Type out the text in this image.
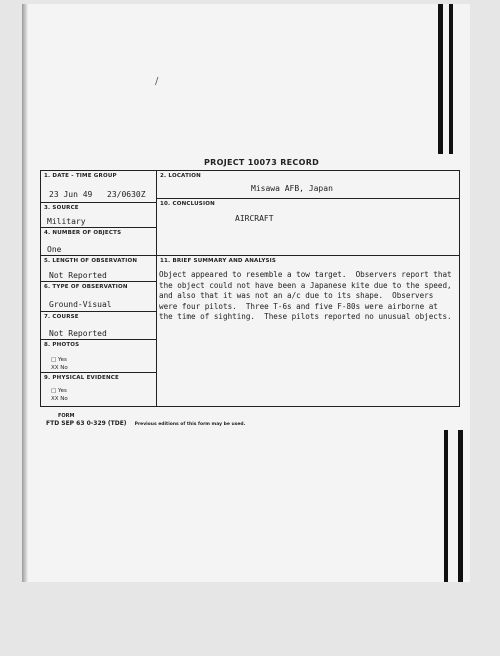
/
PROJECT 10073 RECORD
1. DATE - TIME GROUP
23 Jun 49 23/0630Z
3. SOURCE
Military
4. NUMBER OF OBJECTS
One
5. LENGTH OF OBSERVATION
Not Reported
6. TYPE OF OBSERVATION
Ground-Visual
7. COURSE
Not Reported
8. PHOTOS
□ Yes
XX No
9. PHYSICAL EVIDENCE
□ Yes
XX No
2. LOCATION
Misawa AFB, Japan
10. CONCLUSION
AIRCRAFT
11. BRIEF SUMMARY AND ANALYSIS
Object appeared to resemble a tow target.  Observers report that
the object could not have been a Japanese kite due to the speed,
and also that it was not an a/c due to its shape.  Observers
were four pilots.  Three T-6s and five F-80s were airborne at
the time of sighting.  These pilots reported no unusual objects.
FORM
FTD SEP 63 0-329 (TDE) Previous editions of this form may be used.
